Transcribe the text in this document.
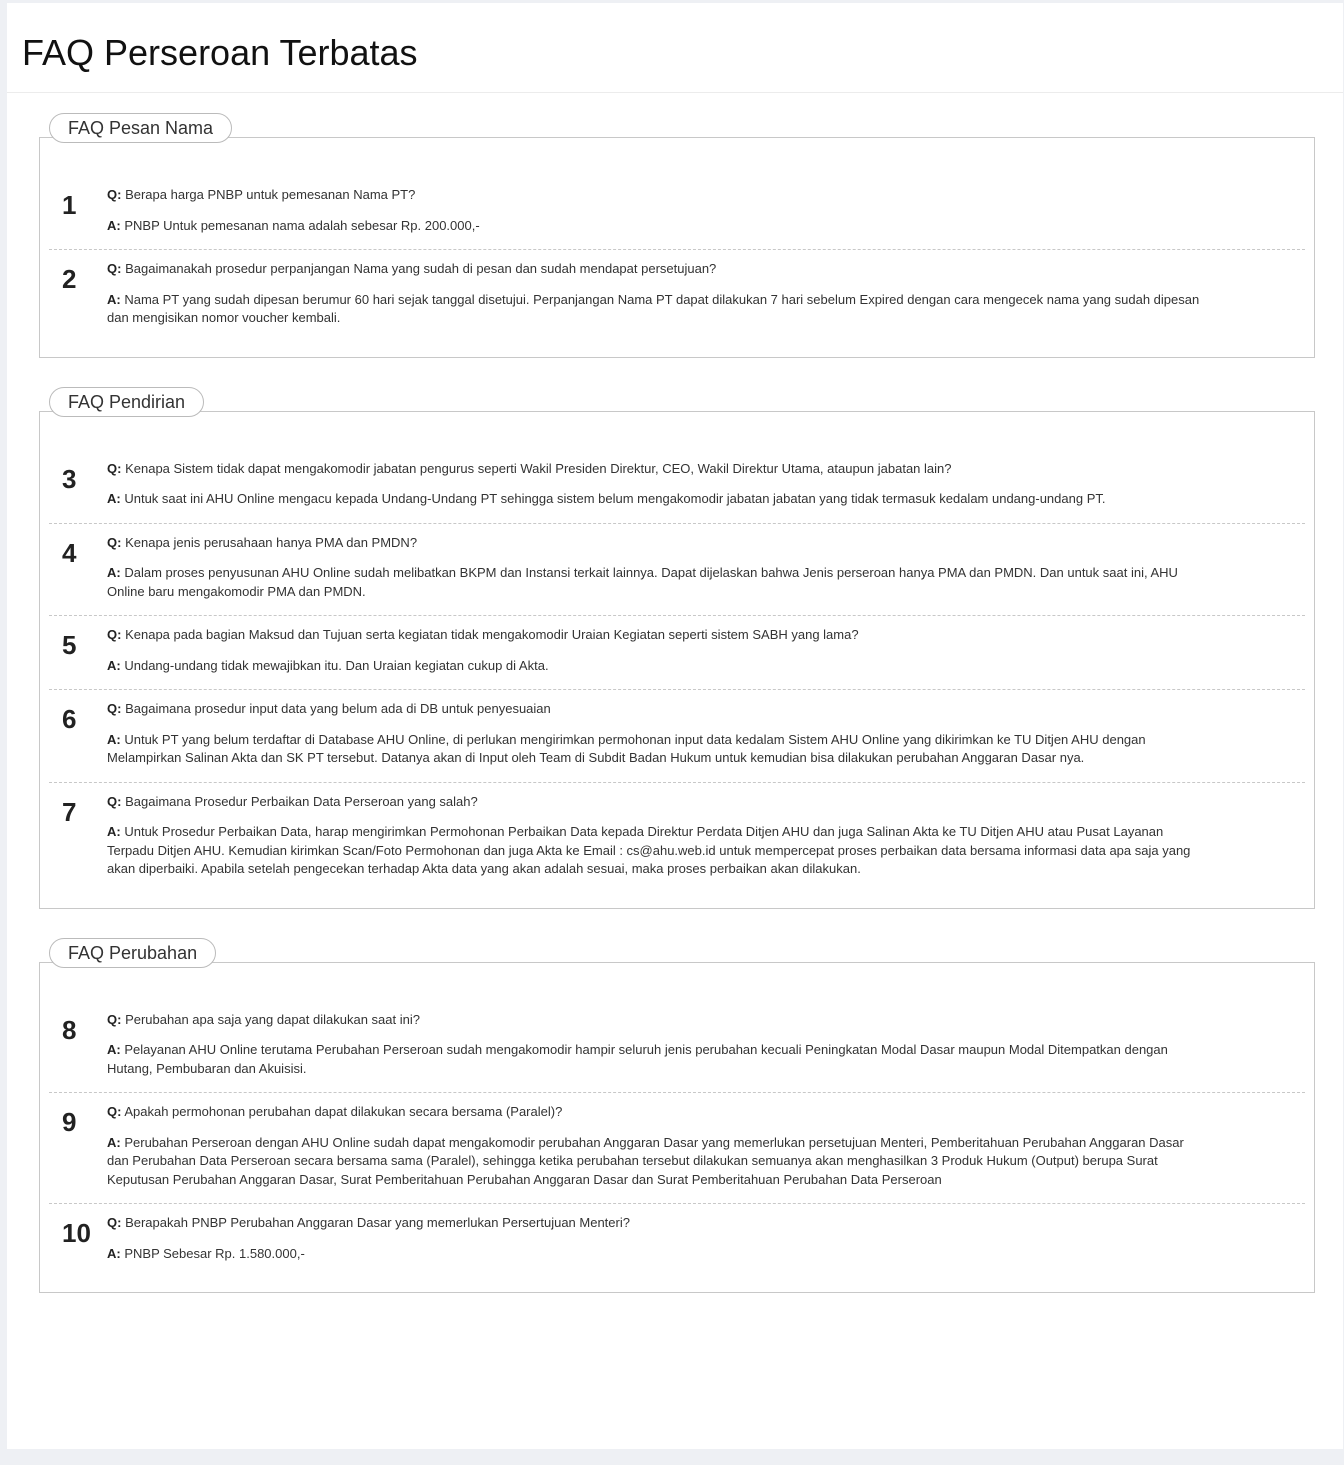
FAQ Perseroan Terbatas
FAQ Pesan Nama
1 Q: Berapa harga PNBP untuk pemesanan Nama PT?
A: PNBP Untuk pemesanan nama adalah sebesar Rp. 200.000,-
2 Q: Bagaimanakah prosedur perpanjangan Nama yang sudah di pesan dan sudah mendapat persetujuan?
A: Nama PT yang sudah dipesan berumur 60 hari sejak tanggal disetujui. Perpanjangan Nama PT dapat dilakukan 7 hari sebelum Expired dengan cara mengecek nama yang sudah dipesan dan mengisikan nomor voucher kembali.
FAQ Pendirian
3 Q: Kenapa Sistem tidak dapat mengakomodir jabatan pengurus seperti Wakil Presiden Direktur, CEO, Wakil Direktur Utama, ataupun jabatan lain?
A: Untuk saat ini AHU Online mengacu kepada Undang-Undang PT sehingga sistem belum mengakomodir jabatan jabatan yang tidak termasuk kedalam undang-undang PT.
4 Q: Kenapa jenis perusahaan hanya PMA dan PMDN?
A: Dalam proses penyusunan AHU Online sudah melibatkan BKPM dan Instansi terkait lainnya. Dapat dijelaskan bahwa Jenis perseroan hanya PMA dan PMDN. Dan untuk saat ini, AHU Online baru mengakomodir PMA dan PMDN.
5 Q: Kenapa pada bagian Maksud dan Tujuan serta kegiatan tidak mengakomodir Uraian Kegiatan seperti sistem SABH yang lama?
A: Undang-undang tidak mewajibkan itu. Dan Uraian kegiatan cukup di Akta.
6 Q: Bagaimana prosedur input data yang belum ada di DB untuk penyesuaian
A: Untuk PT yang belum terdaftar di Database AHU Online, di perlukan mengirimkan permohonan input data kedalam Sistem AHU Online yang dikirimkan ke TU Ditjen AHU dengan Melampirkan Salinan Akta dan SK PT tersebut. Datanya akan di Input oleh Team di Subdit Badan Hukum untuk kemudian bisa dilakukan perubahan Anggaran Dasar nya.
7 Q: Bagaimana Prosedur Perbaikan Data Perseroan yang salah?
A: Untuk Prosedur Perbaikan Data, harap mengirimkan Permohonan Perbaikan Data kepada Direktur Perdata Ditjen AHU dan juga Salinan Akta ke TU Ditjen AHU atau Pusat Layanan Terpadu Ditjen AHU. Kemudian kirimkan Scan/Foto Permohonan dan juga Akta ke Email : cs@ahu.web.id untuk mempercepat proses perbaikan data bersama informasi data apa saja yang akan diperbaiki. Apabila setelah pengecekan terhadap Akta data yang akan adalah sesuai, maka proses perbaikan akan dilakukan.
FAQ Perubahan
8 Q: Perubahan apa saja yang dapat dilakukan saat ini?
A: Pelayanan AHU Online terutama Perubahan Perseroan sudah mengakomodir hampir seluruh jenis perubahan kecuali Peningkatan Modal Dasar maupun Modal Ditempatkan dengan Hutang, Pembubaran dan Akuisisi.
9 Q: Apakah permohonan perubahan dapat dilakukan secara bersama (Paralel)?
A: Perubahan Perseroan dengan AHU Online sudah dapat mengakomodir perubahan Anggaran Dasar yang memerlukan persetujuan Menteri, Pemberitahuan Perubahan Anggaran Dasar dan Perubahan Data Perseroan secara bersama sama (Paralel), sehingga ketika perubahan tersebut dilakukan semuanya akan menghasilkan 3 Produk Hukum (Output) berupa Surat Keputusan Perubahan Anggaran Dasar, Surat Pemberitahuan Perubahan Anggaran Dasar dan Surat Pemberitahuan Perubahan Data Perseroan
10 Q: Berapakah PNBP Perubahan Anggaran Dasar yang memerlukan Persertujuan Menteri?
A: PNBP Sebesar Rp. 1.580.000,-
